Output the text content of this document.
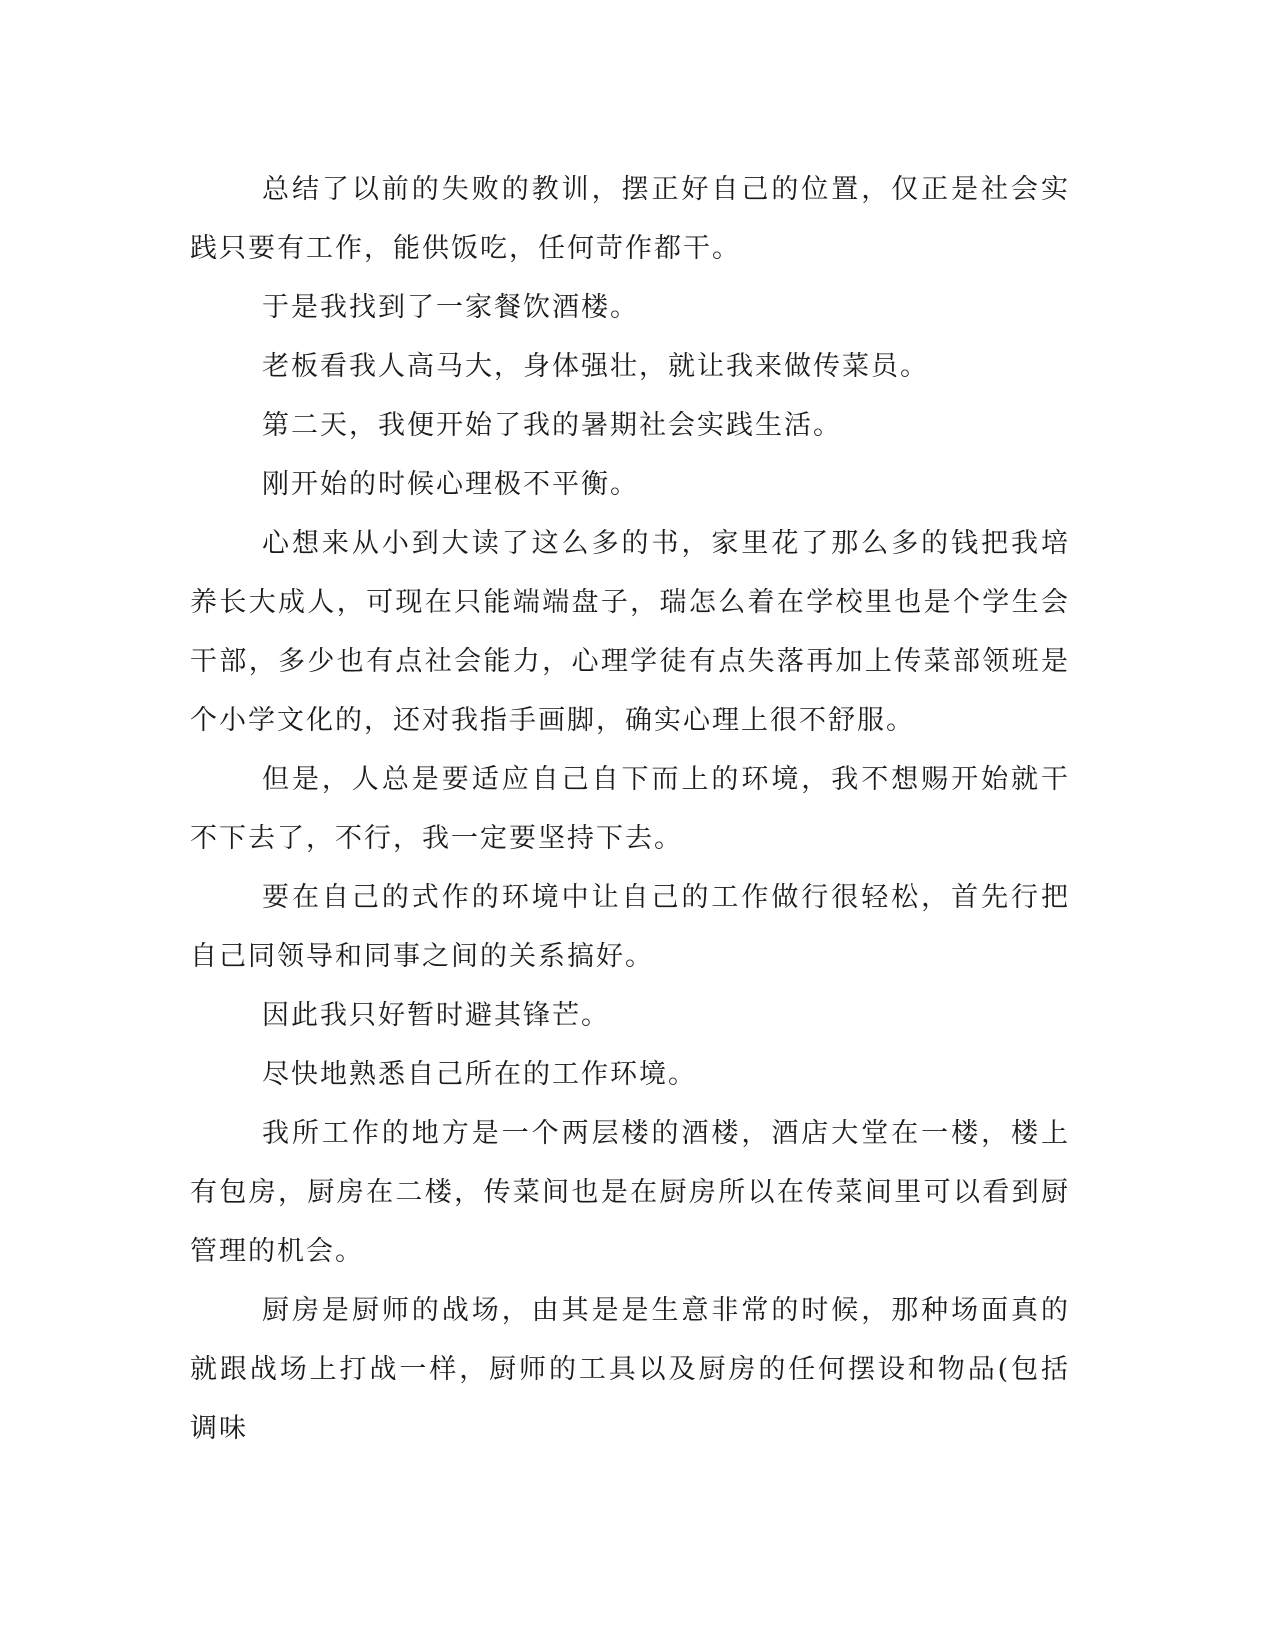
总结了以前的失败的教训，摆正好自己的位置，仅正是社会实践只要有工作，能供饭吃，任何苛作都干。

于是我找到了一家餐饮酒楼。

老板看我人高马大，身体强壮，就让我来做传菜员。

第二天，我便开始了我的暑期社会实践生活。

刚开始的时候心理极不平衡。

心想来从小到大读了这么多的书，家里花了那么多的钱把我培养长大成人，可现在只能端端盘子，瑞怎么着在学校里也是个学生会干部，多少也有点社会能力，心理学徒有点失落再加上传菜部领班是个小学文化的，还对我指手画脚，确实心理上很不舒服。

但是，人总是要适应自己自下而上的环境，我不想赐开始就干不下去了，不行，我一定要坚持下去。

要在自己的式作的环境中让自己的工作做行很轻松，首先行把自己同领导和同事之间的关系搞好。

因此我只好暂时避其锋芒。

尽快地熟悉自己所在的工作环境。

我所工作的地方是一个两层楼的酒楼，酒店大堂在一楼，楼上有包房，厨房在二楼，传菜间也是在厨房所以在传菜间里可以看到厨管理的机会。

厨房是厨师的战场，由其是是生意非常的时候，那种场面真的就跟战场上打战一样，厨师的工具以及厨房的任何摆设和物品(包括调味
